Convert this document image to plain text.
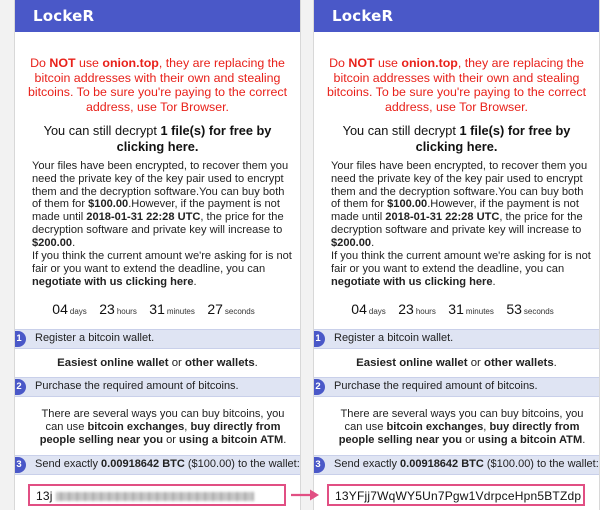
LockeR
Do NOT use onion.top, they are replacing the bitcoin addresses with their own and stealing bitcoins. To be sure you're paying to the correct address, use Tor Browser.
You can still decrypt 1 file(s) for free by clicking here.
Your files have been encrypted, to recover them you need the private key of the key pair used to encrypt them and the decryption software.You can buy both of them for $100.00.However, if the payment is not made until 2018-01-31 22:28 UTC, the price for the decryption software and private key will increase to $200.00.
If you think the current amount we're asking for is not fair or you want to extend the deadline, you can negotiate with us clicking here.
04 days 23 hours 31 minutes 27 seconds
1	Register a bitcoin wallet.
Easiest online wallet or other wallets.
2	Purchase the required amount of bitcoins.
There are several ways you can buy bitcoins, you can use bitcoin exchanges, buy directly from people selling near you or using a bitcoin ATM.
3	Send exactly 0.00918642 BTC ($100.00) to the wallet:
13j
LockeR
Do NOT use onion.top, they are replacing the bitcoin addresses with their own and stealing bitcoins. To be sure you're paying to the correct address, use Tor Browser.
You can still decrypt 1 file(s) for free by clicking here.
Your files have been encrypted, to recover them you need the private key of the key pair used to encrypt them and the decryption software.You can buy both of them for $100.00.However, if the payment is not made until 2018-01-31 22:28 UTC, the price for the decryption software and private key will increase to $200.00.
If you think the current amount we're asking for is not fair or you want to extend the deadline, you can negotiate with us clicking here.
04 days 23 hours 31 minutes 53 seconds
1	Register a bitcoin wallet.
Easiest online wallet or other wallets.
2	Purchase the required amount of bitcoins.
There are several ways you can buy bitcoins, you can use bitcoin exchanges, buy directly from people selling near you or using a bitcoin ATM.
3	Send exactly 0.00918642 BTC ($100.00) to the wallet:
13YFjj7WqWY5Un7Pgw1VdrpceHpn5BTZdp
